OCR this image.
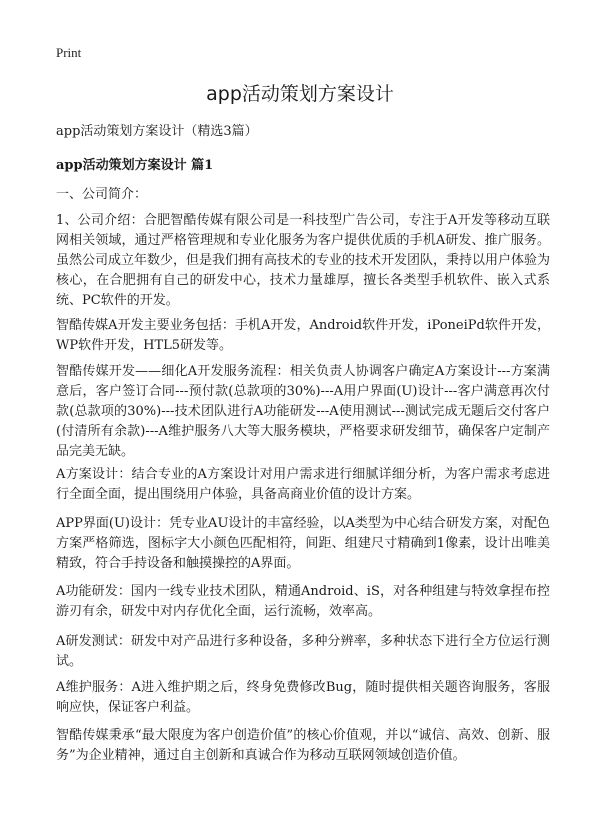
Print
app活动策划方案设计

app活动策划方案设计（精选3篇）

app活动策划方案设计 篇1

一、公司简介：

1、公司介绍：合肥智酷传媒有限公司是一科技型广告公司，专注于A开发等移动互联网相关领域，通过严格管理规和专业化服务为客户提供优质的手机A研发、推广服务。虽然公司成立年数少，但是我们拥有高技术的专业的技术开发团队，秉持以用户体验为核心，在合肥拥有自己的研发中心，技术力量雄厚，擅长各类型手机软件、嵌入式系统、PC软件的开发。

智酷传媒A开发主要业务包括：手机A开发，Android软件开发，iPoneiPd软件开发，WP软件开发，HTL5研发等。

智酷传媒开发——细化A开发服务流程：相关负责人协调客户确定A方案设计---方案满意后，客户签订合同---预付款(总款项的30%)---A用户界面(U)设计---客户满意再次付款(总款项的30%)---技术团队进行A功能研发---A使用测试---测试完成无题后交付客户(付清所有余款)---A维护服务八大等大服务模块，严格要求研发细节，确保客户定制产品完美无缺。

A方案设计：结合专业的A方案设计对用户需求进行细腻详细分析，为客户需求考虑进行全面全面，提出围绕用户体验，具备高商业价值的设计方案。

APP界面(U)设计：凭专业AU设计的丰富经验，以A类型为中心结合研发方案，对配色方案严格筛选，图标字大小颜色匹配相符，间距、组建尺寸精确到1像素，设计出唯美精致，符合手持设备和触摸操控的A界面。

A功能研发：国内一线专业技术团队，精通Android、iS，对各种组建与特效拿捏布控游刃有余，研发中对内存优化全面，运行流畅，效率高。

A研发测试：研发中对产品进行多种设备，多种分辨率，多种状态下进行全方位运行测试。

A维护服务：A进入维护期之后，终身免费修改Bug，随时提供相关题咨询服务，客服响应快，保证客户利益。

智酷传媒秉承“最大限度为客户创造价值”的核心价值观，并以“诚信、高效、创新、服务”为企业精神，通过自主创新和真诚合作为移动互联网领域创造价值。
